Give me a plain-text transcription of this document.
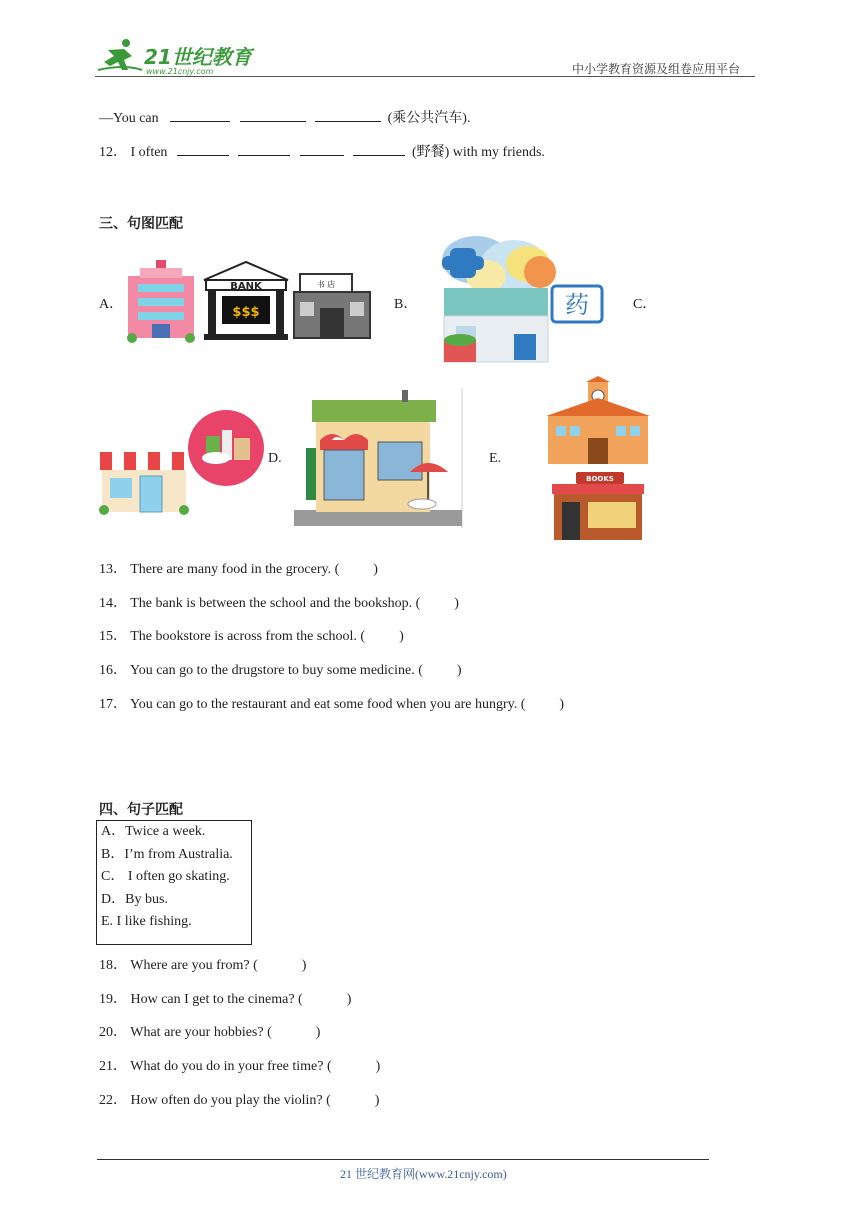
21世纪教育
www.21cnjy.com	中小学教育资源及组卷应用平台
—You can	(乘公共汽车).
12． I often	(野餐) with my friends.
三、句图匹配
A．	B．	C．
D.	E.
BANK
$$$
书 店
药
BOOKS
13． There are many food in the grocery. ( )
14． The bank is between the school and the bookshop. ( )
15． The bookstore is across from the school. ( )
16． You can go to the drugstore to buy some medicine. ( )
17． You can go to the restaurant and eat some food when you are hungry. ( )
四、句子匹配
A．Twice a week.
B．I’m from Australia.
C． I often go skating.
D．By bus.
E. I like fishing.
18． Where are you from? (	)
19． How can I get to the cinema? (	)
20． What are your hobbies? (	)
21． What do you do in your free time? (	)
22． How often do you play the violin? (	)
21 世纪教育网(www.21cnjy.com)
